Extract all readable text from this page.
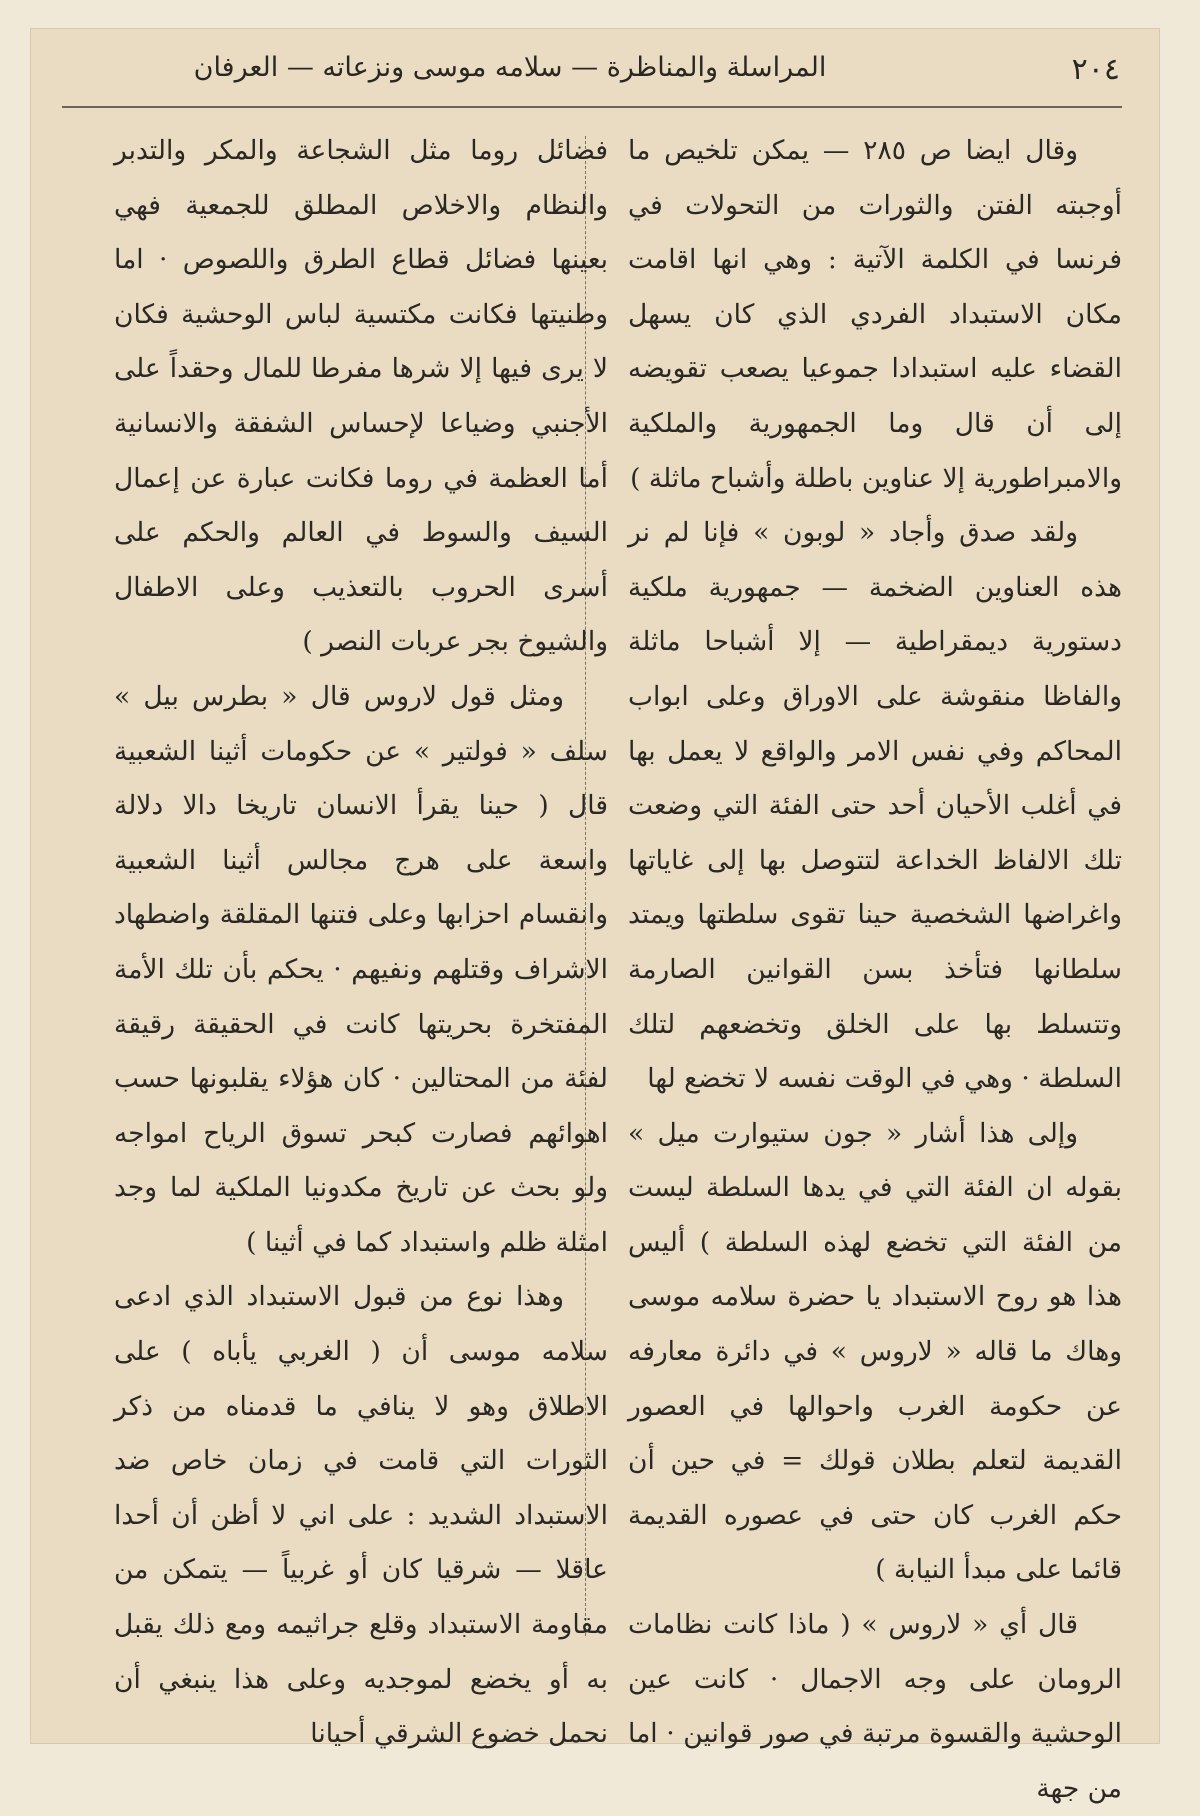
٢٠٤
المراسلة والمناظرة — سلامه موسى ونزعاته — العرفان

وقال ايضا ص ٢٨٥ — يمكن تلخيص ما أوجبته الفتن والثورات من التحولات في فرنسا في الكلمة الآتية : وهي انها اقامت مكان الاستبداد الفردي الذي كان يسهل القضاء عليه استبدادا جموعيا يصعب تقويضه إلى أن قال وما الجمهورية والملكية والامبراطورية إلا عناوين باطلة وأشباح ماثلة )

ولقد صدق وأجاد « لوبون » فإنا لم نر هذه العناوين الضخمة — جمهورية ملكية دستورية ديمقراطية — إلا أشباحا ماثلة والفاظا منقوشة على الاوراق وعلى ابواب المحاكم وفي نفس الامر والواقع لا يعمل بها في أغلب الأحيان أحد حتى الفئة التي وضعت تلك الالفاظ الخداعة لتتوصل بها إلى غاياتها واغراضها الشخصية حينا تقوى سلطتها ويمتد سلطانها فتأخذ بسن القوانين الصارمة وتتسلط بها على الخلق وتخضعهم لتلك السلطة · وهي في الوقت نفسه لا تخضع لها

وإلى هذا أشار « جون ستيوارت ميل » بقوله ان الفئة التي في يدها السلطة ليست من الفئة التي تخضع لهذه السلطة ) أليس هذا هو روح الاستبداد يا حضرة سلامه موسى وهاك ما قاله « لاروس » في دائرة معارفه عن حكومة الغرب واحوالها في العصور القديمة لتعلم بطلان قولك = في حين أن حكم الغرب كان حتى في عصوره القديمة قائما على مبدأ النيابة )

قال أي « لاروس » ( ماذا كانت نظامات الرومان على وجه الاجمال · كانت عين الوحشية والقسوة مرتبة في صور قوانين · اما من جهة

فضائل روما مثل الشجاعة والمكر والتدبر والنظام والاخلاص المطلق للجمعية فهي بعينها فضائل قطاع الطرق واللصوص · اما وطنيتها فكانت مكتسية لباس الوحشية فكان لا يرى فيها إلا شرها مفرطا للمال وحقداً على الأجنبي وضياعا لإحساس الشفقة والانسانية أما العظمة في روما فكانت عبارة عن إعمال السيف والسوط في العالم والحكم على أسرى الحروب بالتعذيب وعلى الاطفال والشيوخ بجر عربات النصر )

ومثل قول لاروس قال « بطرس بيل » سلف « فولتير » عن حكومات أثينا الشعبية قال ( حينا يقرأ الانسان تاريخا دالا دلالة واسعة على هرج مجالس أثينا الشعبية وانقسام احزابها وعلى فتنها المقلقة واضطهاد الاشراف وقتلهم ونفيهم · يحكم بأن تلك الأمة المفتخرة بحريتها كانت في الحقيقة رقيقة لفئة من المحتالين · كان هؤلاء يقلبونها حسب اهوائهم فصارت كبحر تسوق الرياح امواجه ولو بحث عن تاريخ مكدونيا الملكية لما وجد امثلة ظلم واستبداد كما في أثينا )

وهذا نوع من قبول الاستبداد الذي ادعى سلامه موسى أن ( الغربي يأباه ) على الاطلاق وهو لا ينافي ما قدمناه من ذكر الثورات التي قامت في زمان خاص ضد الاستبداد الشديد : على اني لا أظن أن أحدا عاقلا — شرقيا كان أو غربياً — يتمكن من مقاومة الاستبداد وقلع جراثيمه ومع ذلك يقبل به أو يخضع لموجديه وعلى هذا ينبغي أن نحمل خضوع الشرقي أحيانا
